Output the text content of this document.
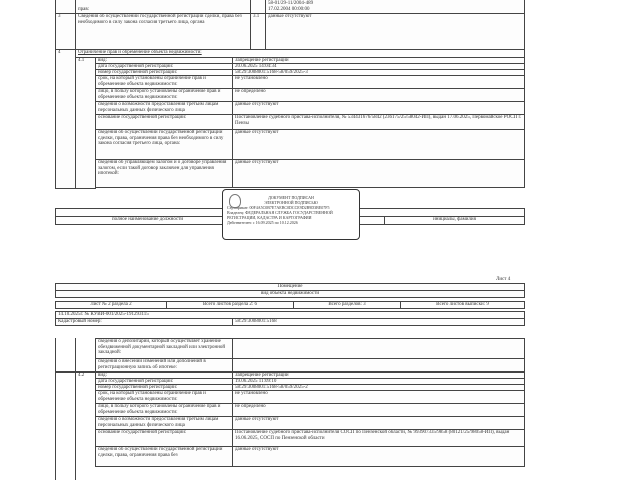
прав:
58-01/29-11/2004-489
17.02.2004 00:00:00
3	Сведения об осуществлении государственной регистрации сделки, права без необходимого в силу закона согласия третьего лица, органа
3.1	данные отсутствуют
4	Ограничение прав и обременение объекта недвижимости:
4.1	вид:	Запрещение регистрации
дата государственной регистрации:	20.06.2025 14:04:34
номер государственной регистрации:	58:29:3008001:5168-58/059/2025-3
срок, на который установлены ограничение прав и обременение объекта недвижимости:
не установлено
лицо, в пользу которого установлены ограничение прав и обременение объекта недвижимости:
не определено
сведения о возможности предоставления третьим лицам персональных данных физического лица
данные отсутствуют
основание государственной регистрации:	Постановление судебного пристава-исполнителя, № 534431676/5842 (236175/25/58042-ИП), выдан 17.06.2025, Первомайское РОСП г. Пензы
сведения об осуществлении государственной регистрации сделки, права, ограничения права без необходимого в силу закона согласия третьего лица, органа:
данные отсутствуют
сведения об управляющем залогом и о договоре управления залогом, если такой договор заключен для управления ипотекой:
данные отсутствуют
полное наименование должности	инициалы, фамилия
ДОКУМЕНТ ПОДПИСАН
ЭЛЕКТРОННОЙ ПОДПИСЬЮ
Сертификат: 00F4A5C0B7E7AEBC0DCCE9D2B9D3BE07F5
Владелец: ФЕДЕРАЛЬНАЯ СЛУЖБА ГОСУДАРСТВЕННОЙ
РЕГИСТРАЦИИ, КАДАСТРА И КАРТОГРАФИИ
Действителен: с 16.09.2025 по 10.12.2026
Лист 4
Помещение
вид объекта недвижимости
Лист № 2 раздела 2	Всего листов раздела 2: 6	Всего разделов: 3	Всего листов выписки: 9
14.10.2025г. № КУВИ-001/2025-191293115
Кадастровый номер:	58:29:3008001:5168
сведения о депозитарии, который осуществляет хранение обездвиженной документарной закладной или электронной закладной:
сведения о внесении изменений или дополнений в регистрационную запись об ипотеке:
4.2	вид:	Запрещение регистрации
дата государственной регистрации:	19.06.2025 11:09:10
номер государственной регистрации:	58:29:3008001:5168-58/059/2025-2
срок, на который установлены ограничение прав и обременение объекта недвижимости:
не установлено
лицо, в пользу которого установлены ограничение прав и обременение объекта недвижимости:
не определено
сведения о возможности предоставления третьим лицам персональных данных физического лица
данные отсутствуют
основание государственной регистрации:	Постановление судебного пристава-исполнителя СОСП по Пензенской области, № 993907335/9858 (80121/25/98058-ИП), выдан 16.06.2025, СОСП по Пензенской области
сведения об осуществлении государственной регистрации сделки, права, ограничения права без
данные отсутствуют
